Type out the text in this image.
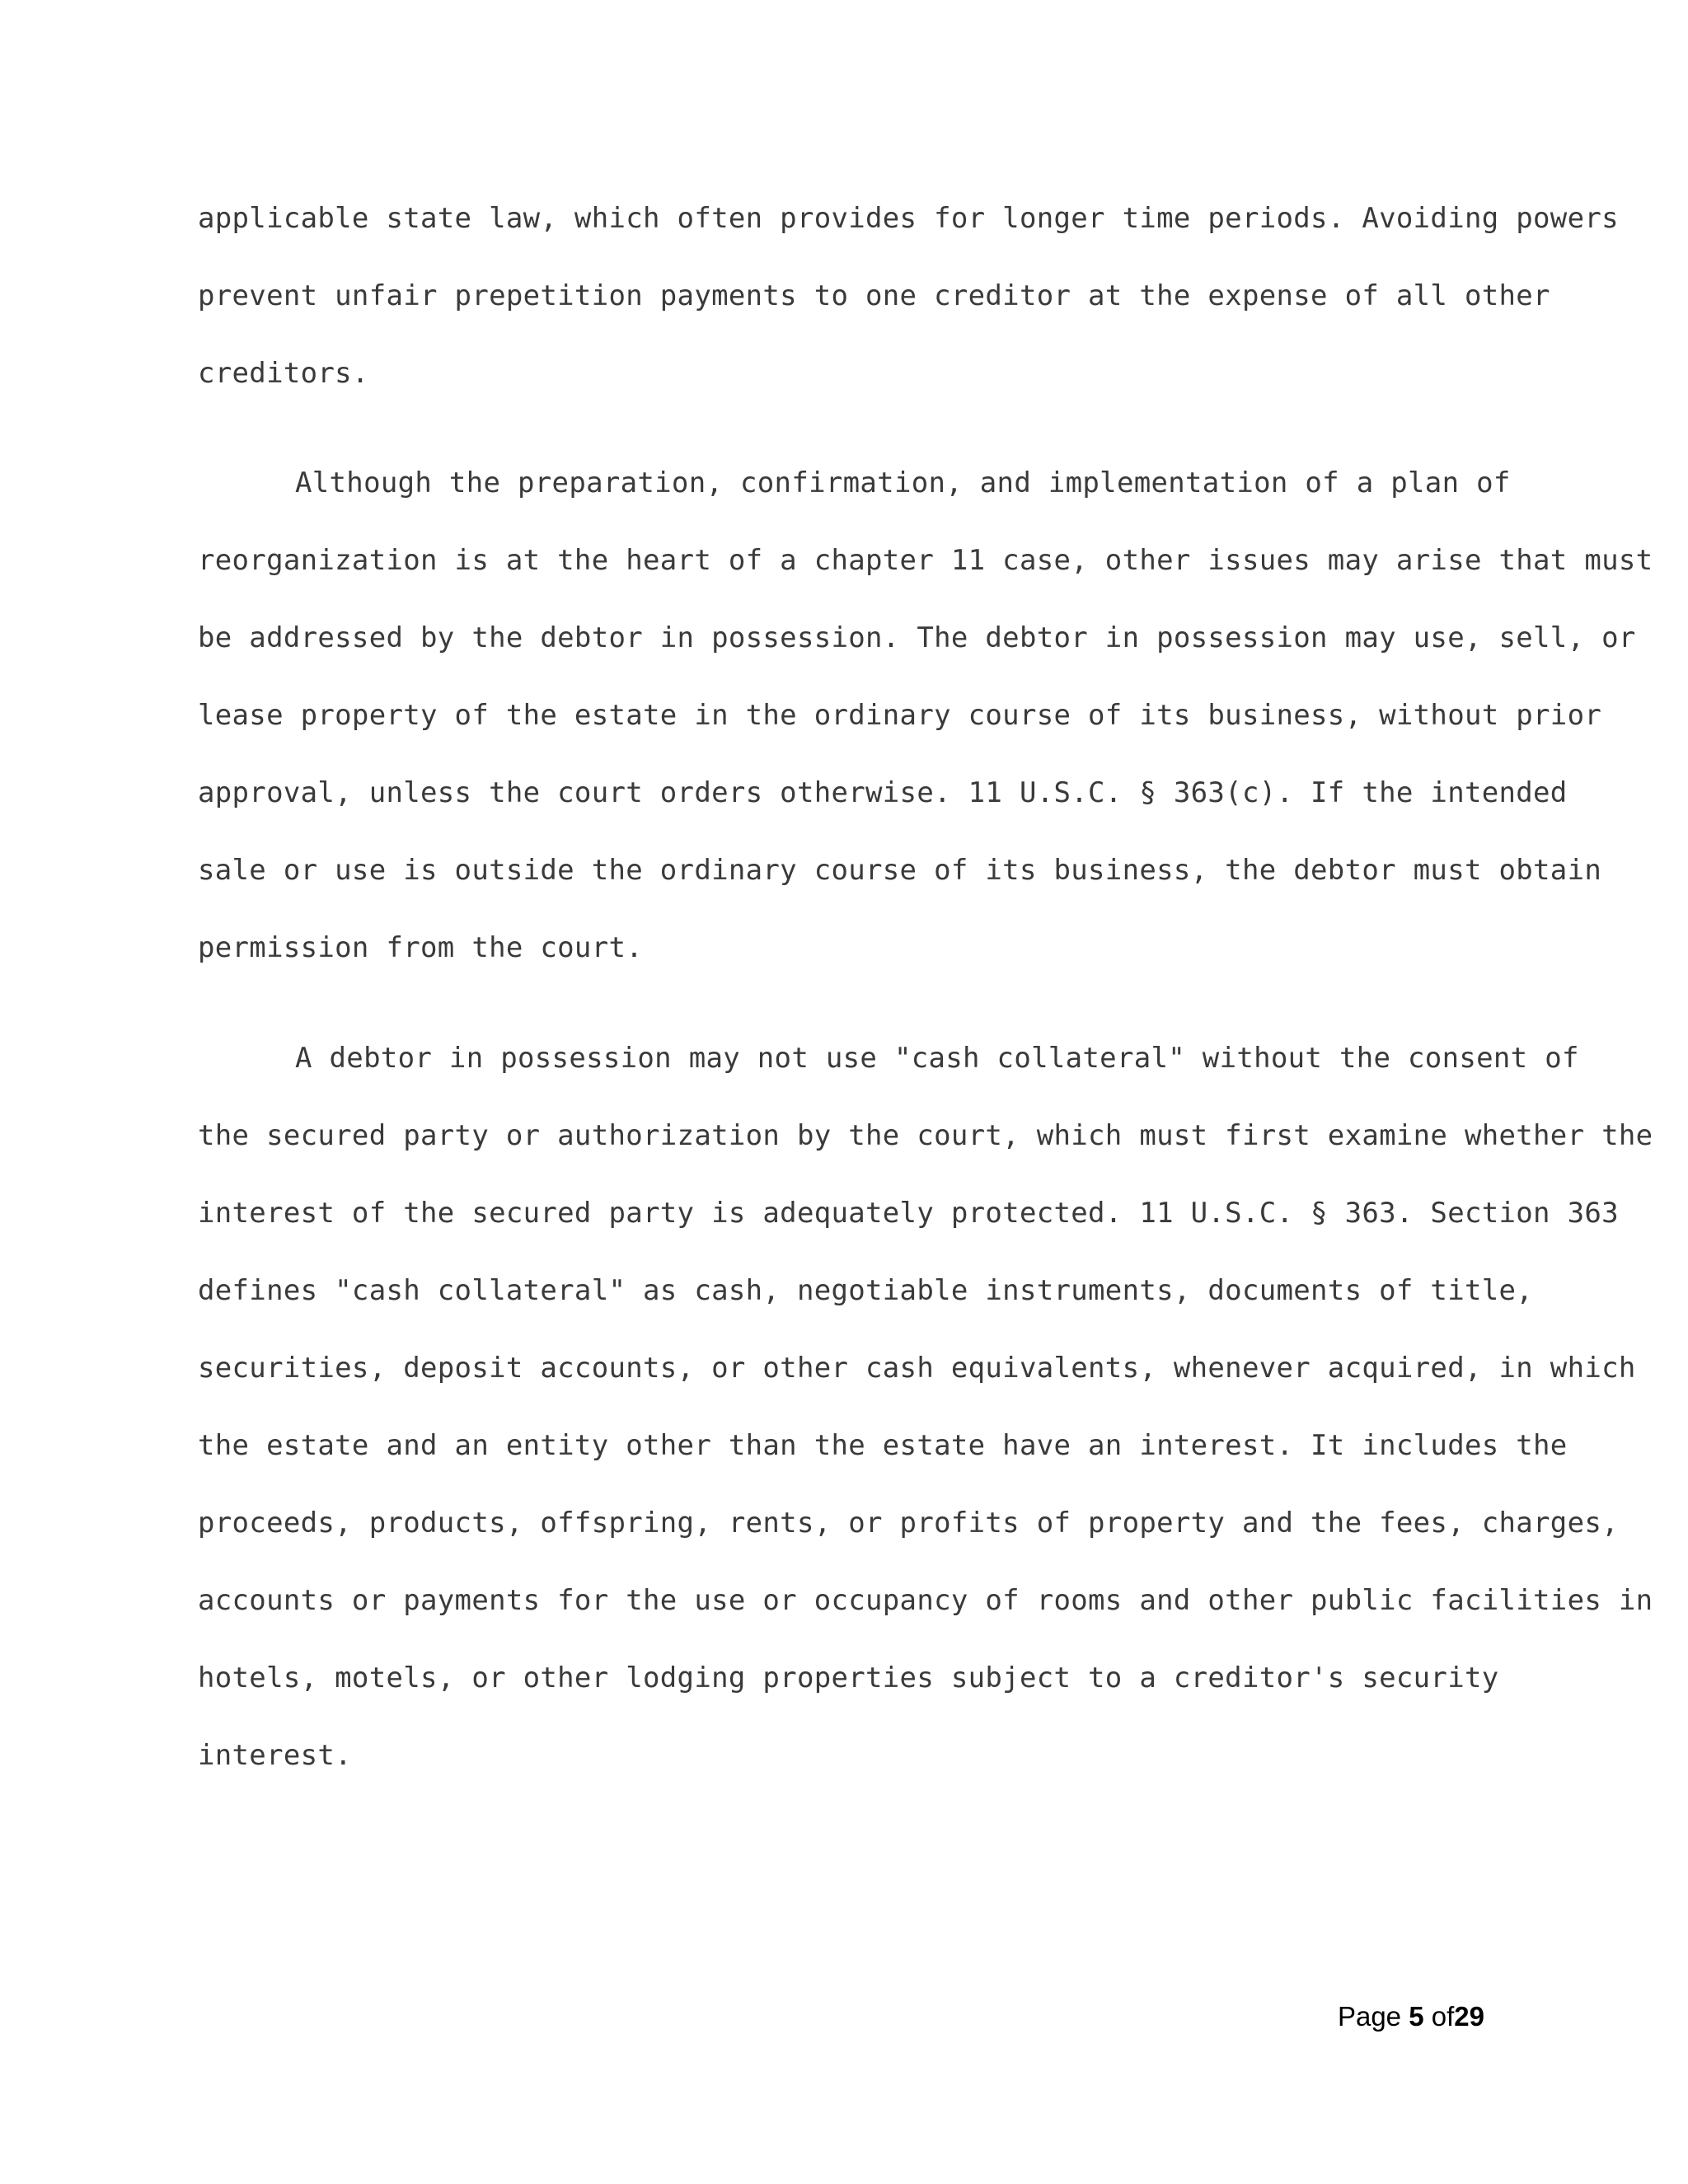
applicable state law, which often provides for longer time periods. Avoiding powers
prevent unfair prepetition payments to one creditor at the expense of all other
creditors.
Although the preparation, confirmation, and implementation of a plan of
reorganization is at the heart of a chapter 11 case, other issues may arise that must
be addressed by the debtor in possession. The debtor in possession may use, sell, or
lease property of the estate in the ordinary course of its business, without prior
approval, unless the court orders otherwise. 11 U.S.C. § 363(c). If the intended
sale or use is outside the ordinary course of its business, the debtor must obtain
permission from the court.
A debtor in possession may not use "cash collateral" without the consent of
the secured party or authorization by the court, which must first examine whether the
interest of the secured party is adequately protected. 11 U.S.C. § 363. Section 363
defines "cash collateral" as cash, negotiable instruments, documents of title,
securities, deposit accounts, or other cash equivalents, whenever acquired, in which
the estate and an entity other than the estate have an interest. It includes the
proceeds, products, offspring, rents, or profits of property and the fees, charges,
accounts or payments for the use or occupancy of rooms and other public facilities in
hotels, motels, or other lodging properties subject to a creditor's security
interest.
Page 5 of29
